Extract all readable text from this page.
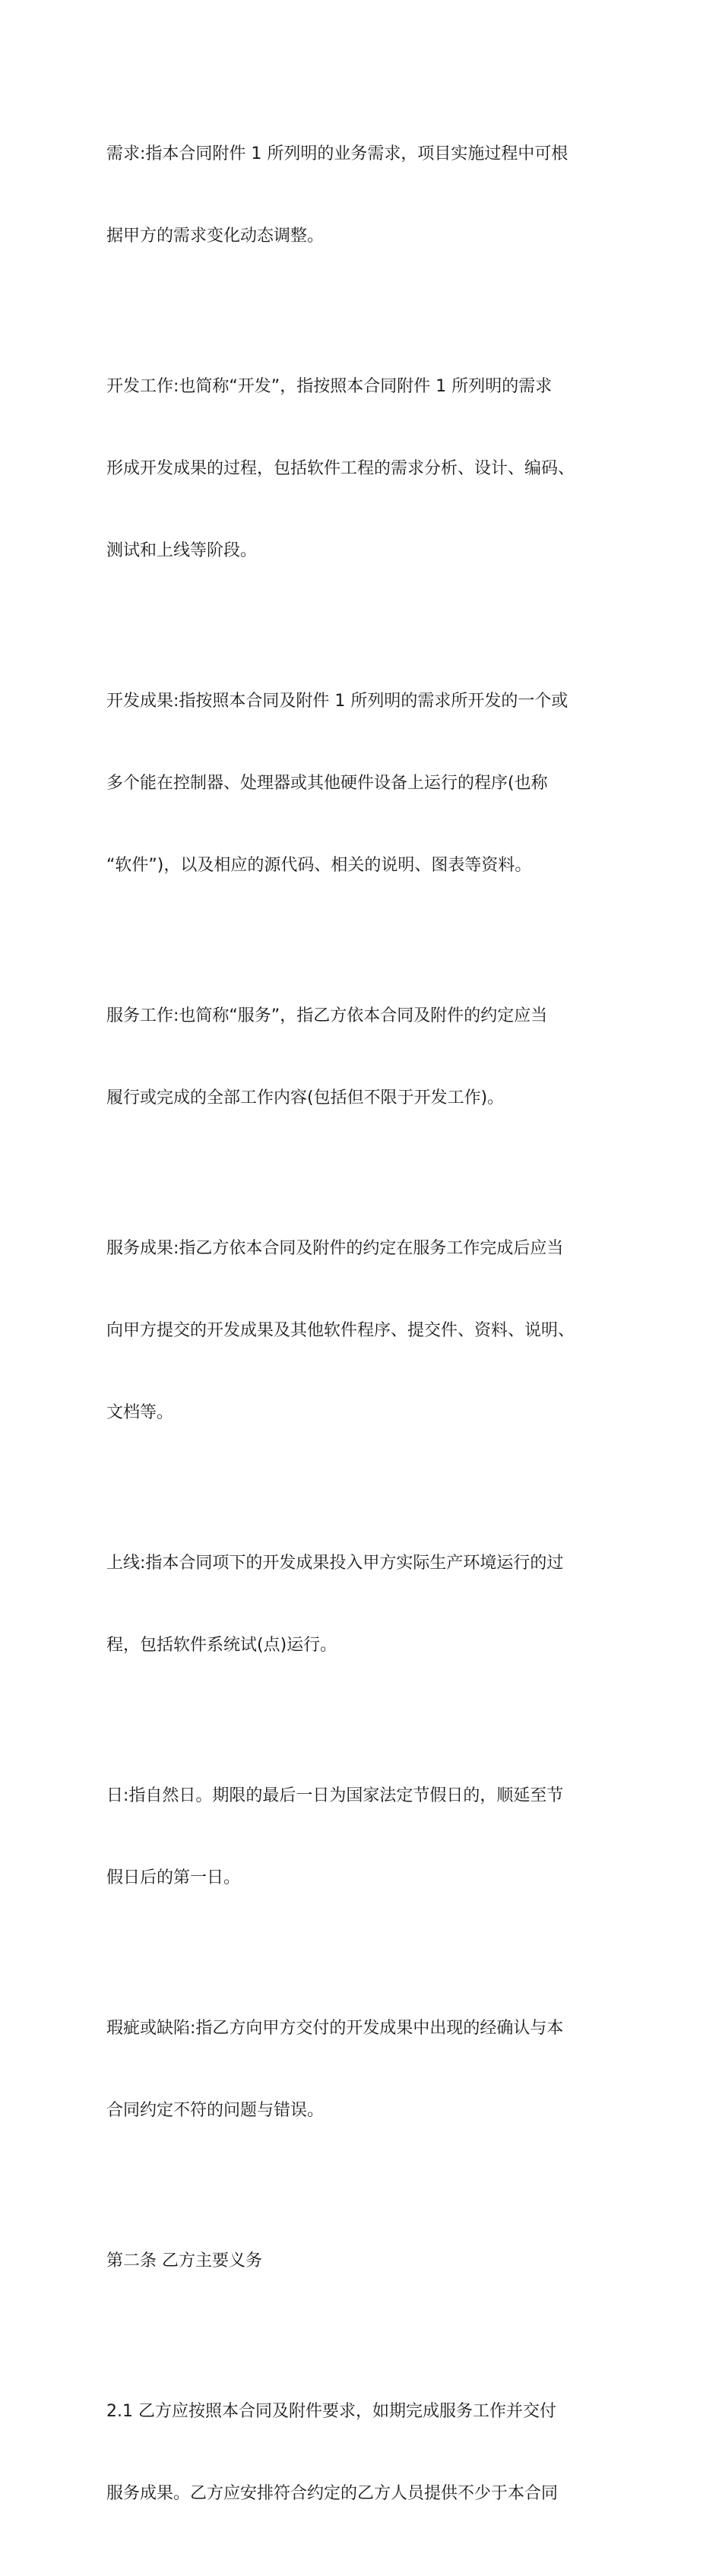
需求:指本合同附件 1 所列明的业务需求，项目实施过程中可根

据甲方的需求变化动态调整。

开发工作:也简称“开发”，指按照本合同附件 1 所列明的需求

形成开发成果的过程，包括软件工程的需求分析、设计、编码、

测试和上线等阶段。

开发成果:指按照本合同及附件 1 所列明的需求所开发的一个或

多个能在控制器、处理器或其他硬件设备上运行的程序(也称

“软件”)，以及相应的源代码、相关的说明、图表等资料。

服务工作:也简称“服务”，指乙方依本合同及附件的约定应当

履行或完成的全部工作内容(包括但不限于开发工作)。

服务成果:指乙方依本合同及附件的约定在服务工作完成后应当

向甲方提交的开发成果及其他软件程序、提交件、资料、说明、

文档等。

上线:指本合同项下的开发成果投入甲方实际生产环境运行的过

程，包括软件系统试(点)运行。

日:指自然日。期限的最后一日为国家法定节假日的，顺延至节

假日后的第一日。

瑕疵或缺陷:指乙方向甲方交付的开发成果中出现的经确认与本

合同约定不符的问题与错误。

第二条 乙方主要义务

2.1 乙方应按照本合同及附件要求，如期完成服务工作并交付

服务成果。乙方应安排符合约定的乙方人员提供不少于本合同
